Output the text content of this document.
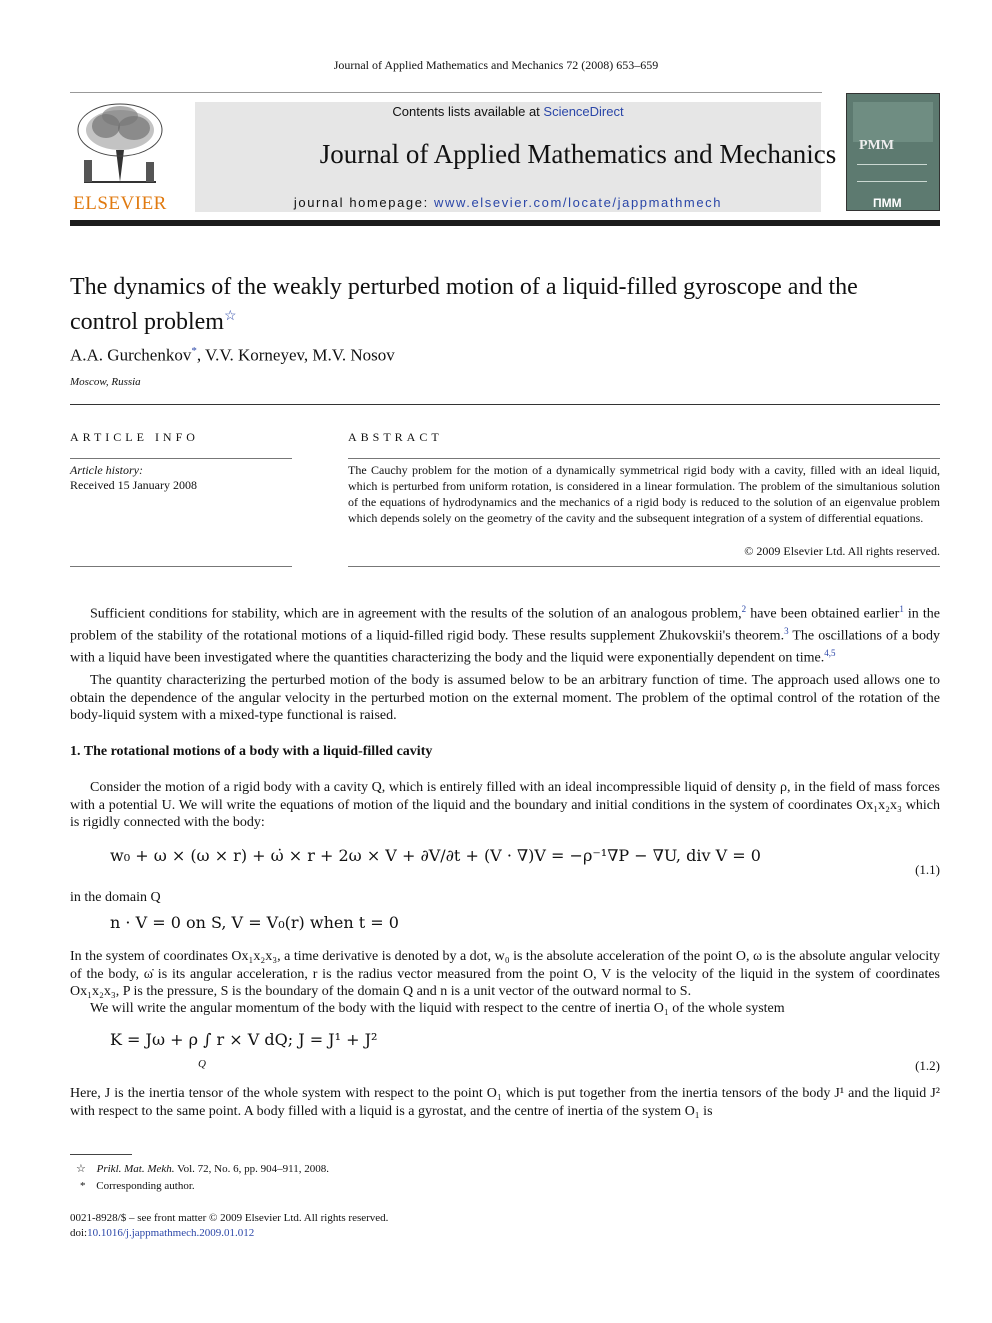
Journal of Applied Mathematics and Mechanics 72 (2008) 653–659
ELSEVIER
Contents lists available at ScienceDirect
Journal of Applied Mathematics and Mechanics
journal homepage: www.elsevier.com/locate/jappmathmech
PMM
ПММ
The dynamics of the weakly perturbed motion of a liquid-filled gyroscope and the control problem☆
A.A. Gurchenkov*, V.V. Korneyev, M.V. Nosov
Moscow, Russia
ARTICLE INFO
Article history:
Received 15 January 2008
ABSTRACT
The Cauchy problem for the motion of a dynamically symmetrical rigid body with a cavity, filled with an ideal liquid, which is perturbed from uniform rotation, is considered in a linear formulation. The problem of the simultanious solution of the equations of hydrodynamics and the mechanics of a rigid body is reduced to the solution of an eigenvalue problem which depends solely on the geometry of the cavity and the subsequent integration of a system of differential equations.
© 2009 Elsevier Ltd. All rights reserved.
Sufficient conditions for stability, which are in agreement with the results of the solution of an analogous problem,$^2$ have been obtained earlier$^1$ in the problem of the stability of the rotational motions of a liquid-filled rigid body. These results supplement Zhukovskii's theorem.$^3$ The oscillations of a body with a liquid have been investigated where the quantities characterizing the body and the liquid were exponentially dependent on time.$^{4,5}$
The quantity characterizing the perturbed motion of the body is assumed below to be an arbitrary function of time. The approach used allows one to obtain the dependence of the angular velocity in the perturbed motion on the external moment. The problem of the optimal control of the rotation of the body-liquid system with a mixed-type functional is raised.
1. The rotational motions of a body with a liquid-filled cavity
Consider the motion of a rigid body with a cavity Q, which is entirely filled with an ideal incompressible liquid of density ρ, in the field of mass forces with a potential U. We will write the equations of motion of the liquid and the boundary and initial conditions in the system of coordinates Ox₁x₂x₃ which is rigidly connected with the body:
w₀ + ω × (ω × r) + ω̇ × r + 2ω × V + ∂V/∂t + (V · ∇)V = −ρ⁻¹∇P − ∇U, div V = 0
(1.1)
in the domain Q
n · V = 0 on S, V = V₀(r) when t = 0
In the system of coordinates Ox₁x₂x₃, a time derivative is denoted by a dot, w₀ is the absolute acceleration of the point O, ω is the absolute angular velocity of the body, ω̇ is its angular acceleration, r is the radius vector measured from the point O, V is the velocity of the liquid in the system of coordinates Ox₁x₂x₃, P is the pressure, S is the boundary of the domain Q and n is a unit vector of the outward normal to S.
We will write the angular momentum of the body with the liquid with respect to the centre of inertia O₁ of the whole system
K = Jω + ρ ∫ r × V dQ; J = J¹ + J²
Q	(1.2)
Here, J is the inertia tensor of the whole system with respect to the point O₁ which is put together from the inertia tensors of the body J¹ and the liquid J² with respect to the same point. A body filled with a liquid is a gyrostat, and the centre of inertia of the system O₁ is
☆ Prikl. Mat. Mekh. Vol. 72, No. 6, pp. 904–911, 2008.
* Corresponding author.
0021-8928/$ – see front matter © 2009 Elsevier Ltd. All rights reserved.
doi:10.1016/j.jappmathmech.2009.01.012
